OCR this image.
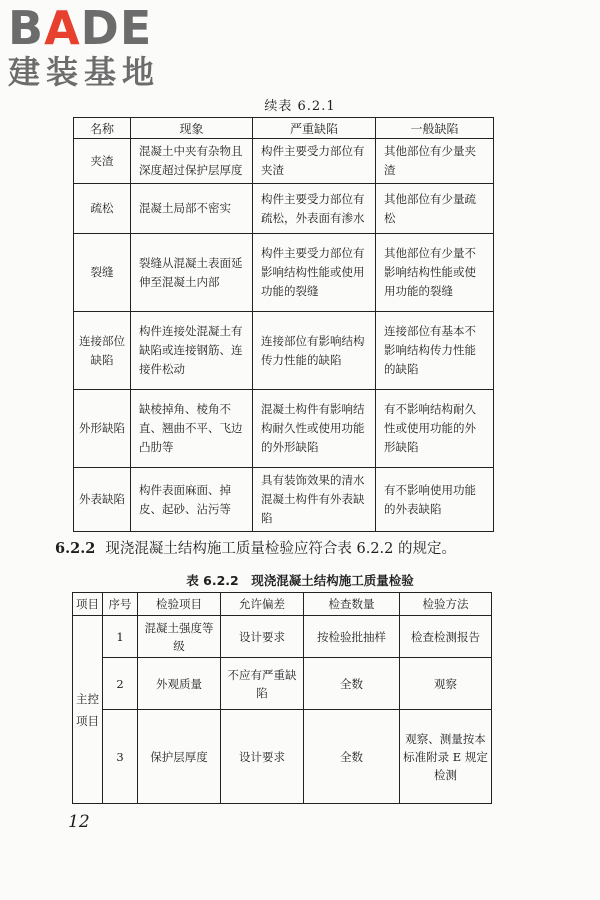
BADE
建装基地
续表 6.2.1
名称	现象	严重缺陷	一般缺陷
夹渣	混凝土中夹有杂物且深度超过保护层厚度	构件主要受力部位有夹渣	其他部位有少量夹渣
疏松	混凝土局部不密实	构件主要受力部位有疏松，外表面有渗水	其他部位有少量疏松
裂缝	裂缝从混凝土表面延伸至混凝土内部	构件主要受力部位有影响结构性能或使用功能的裂缝	其他部位有少量不影响结构性能或使用功能的裂缝
连接部位缺陷	构件连接处混凝土有缺陷或连接钢筋、连接件松动	连接部位有影响结构传力性能的缺陷	连接部位有基本不影响结构传力性能的缺陷
外形缺陷	缺棱掉角、棱角不直、翘曲不平、飞边凸肋等	混凝土构件有影响结构耐久性或使用功能的外形缺陷	有不影响结构耐久性或使用功能的外形缺陷
外表缺陷	构件表面麻面、掉皮、起砂、沾污等	具有装饰效果的清水混凝土构件有外表缺陷	有不影响使用功能的外表缺陷
6.2.2 现浇混凝土结构施工质量检验应符合表 6.2.2 的规定。
表 6.2.2　现浇混凝土结构施工质量检验
项目	序号	检验项目	允许偏差	检查数量	检验方法
主控项目	1	混凝土强度等级	设计要求	按检验批抽样	检查检测报告
	2	外观质量	不应有严重缺陷	全数	观察
	3	保护层厚度	设计要求	全数	观察、测量按本标准附录 E 规定检测
12
